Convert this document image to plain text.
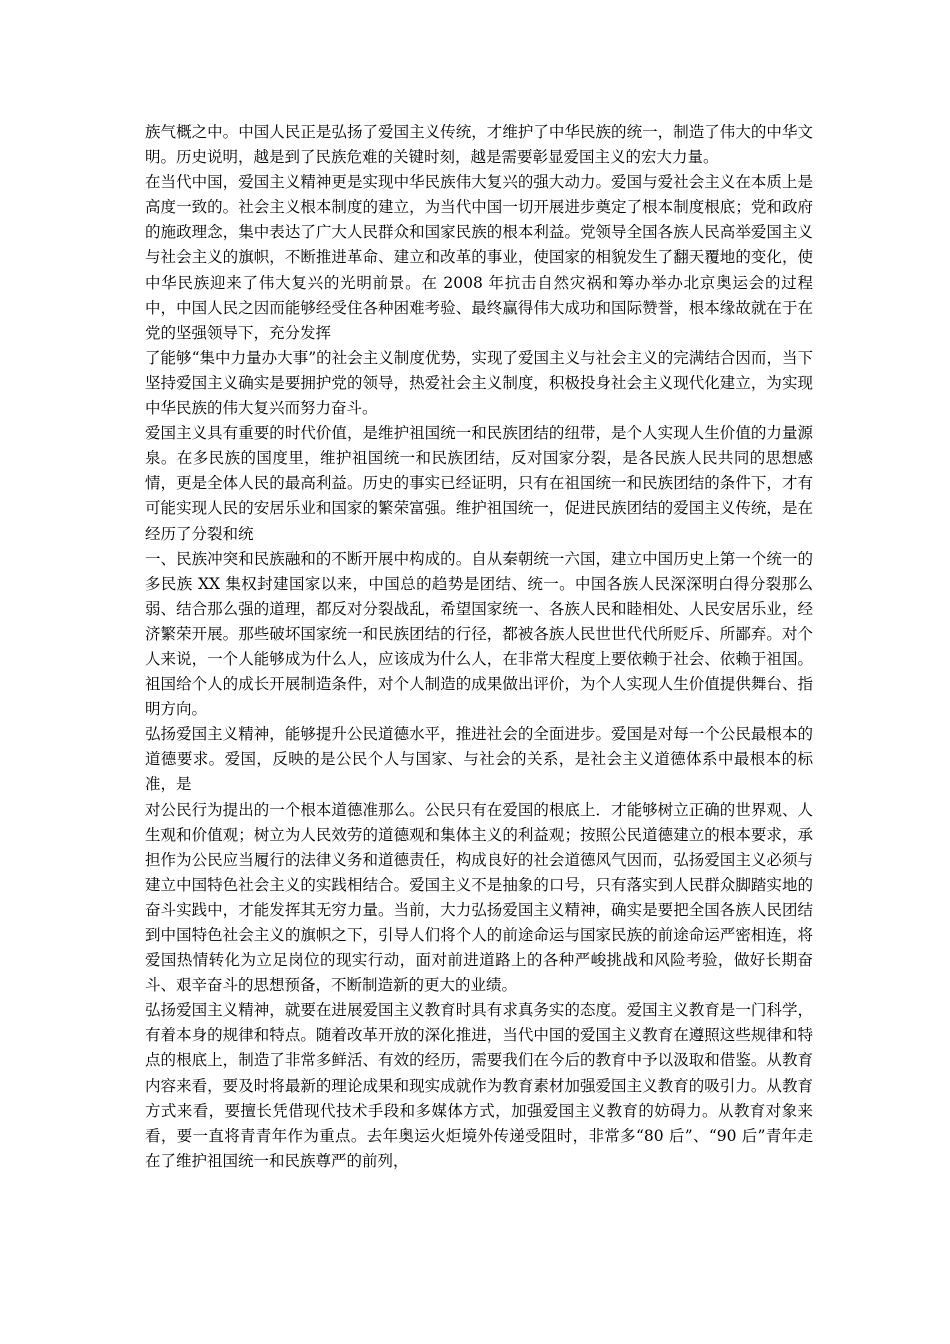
族气概之中。中国人民正是弘扬了爱国主义传统，才维护了中华民族的统一，制造了伟大的中华文明。历史说明，越是到了民族危难的关键时刻，越是需要彰显爱国主义的宏大力量。

在当代中国，爱国主义精神更是实现中华民族伟大复兴的强大动力。爱国与爱社会主义在本质上是高度一致的。社会主义根本制度的建立，为当代中国一切开展进步奠定了根本制度根底；党和政府的施政理念，集中表达了广大人民群众和国家民族的根本利益。党领导全国各族人民高举爱国主义与社会主义的旗帜，不断推进革命、建立和改革的事业，使国家的相貌发生了翻天覆地的变化，使中华民族迎来了伟大复兴的光明前景。在 2008 年抗击自然灾祸和筹办举办北京奥运会的过程中，中国人民之因而能够经受住各种困难考验、最终赢得伟大成功和国际赞誉，根本缘故就在于在党的坚强领导下，充分发挥

了能够“集中力量办大事”的社会主义制度优势，实现了爱国主义与社会主义的完满结合因而，当下坚持爱国主义确实是要拥护党的领导，热爱社会主义制度，积极投身社会主义现代化建立，为实现中华民族的伟大复兴而努力奋斗。

爱国主义具有重要的时代价值，是维护祖国统一和民族团结的纽带，是个人实现人生价值的力量源泉。在多民族的国度里，维护祖国统一和民族团结，反对国家分裂，是各民族人民共同的思想感情，更是全体人民的最高利益。历史的事实已经证明，只有在祖国统一和民族团结的条件下，才有可能实现人民的安居乐业和国家的繁荣富强。维护祖国统一，促进民族团结的爱国主义传统，是在经历了分裂和统

一、民族冲突和民族融和的不断开展中构成的。自从秦朝统一六国，建立中国历史上第一个统一的多民族 XX 集权封建国家以来，中国总的趋势是团结、统一。中国各族人民深深明白得分裂那么弱、结合那么强的道理，都反对分裂战乱，希望国家统一、各族人民和睦相处、人民安居乐业，经济繁荣开展。那些破坏国家统一和民族团结的行径，都被各族人民世世代代所贬斥、所鄙弃。对个人来说，一个人能够成为什么人，应该成为什么人，在非常大程度上要依赖于社会、依赖于祖国。祖国给个人的成长开展制造条件，对个人制造的成果做出评价，为个人实现人生价值提供舞台、指明方向。

弘扬爱国主义精神，能够提升公民道德水平，推进社会的全面进步。爱国是对每一个公民最根本的道德要求。爱国，反映的是公民个人与国家、与社会的关系，是社会主义道德体系中最根本的标准，是

对公民行为提出的一个根本道德准那么。公民只有在爱国的根底上．才能够树立正确的世界观、人生观和价值观；树立为人民效劳的道德观和集体主义的利益观；按照公民道德建立的根本要求，承担作为公民应当履行的法律义务和道德责任，构成良好的社会道德风气因而，弘扬爱国主义必须与建立中国特色社会主义的实践相结合。爱国主义不是抽象的口号，只有落实到人民群众脚踏实地的奋斗实践中，才能发挥其无穷力量。当前，大力弘扬爱国主义精神，确实是要把全国各族人民团结到中国特色社会主义的旗帜之下，引导人们将个人的前途命运与国家民族的前途命运严密相连，将爱国热情转化为立足岗位的现实行动，面对前进道路上的各种严峻挑战和风险考验，做好长期奋斗、艰辛奋斗的思想预备，不断制造新的更大的业绩。

弘扬爱国主义精神，就要在进展爱国主义教育时具有求真务实的态度。爱国主义教育是一门科学，有着本身的规律和特点。随着改革开放的深化推进，当代中国的爱国主义教育在遵照这些规律和特点的根底上，制造了非常多鲜活、有效的经历，需要我们在今后的教育中予以汲取和借鉴。从教育内容来看，要及时将最新的理论成果和现实成就作为教育素材加强爱国主义教育的吸引力。从教育方式来看，要擅长凭借现代技术手段和多媒体方式，加强爱国主义教育的妨碍力。从教育对象来看，要一直将青青年作为重点。去年奥运火炬境外传递受阻时，非常多“80 后”、“90 后”青年走在了维护祖国统一和民族尊严的前列，
